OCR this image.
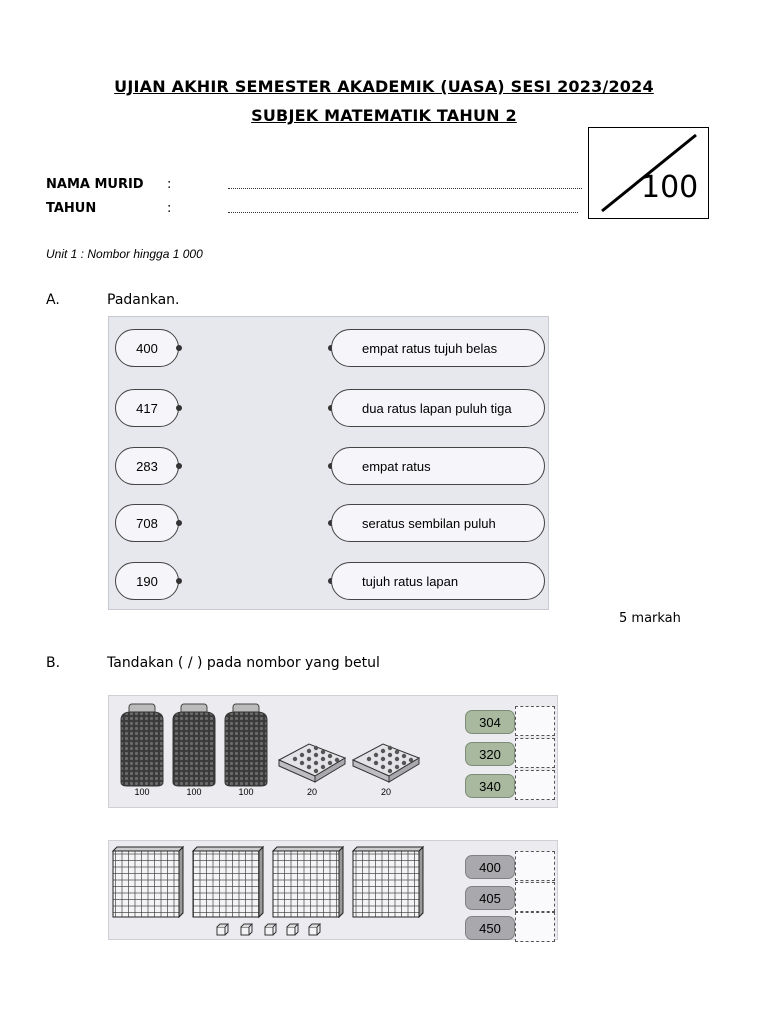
UJIAN AKHIR SEMESTER AKADEMIK (UASA) SESI 2023/2024
SUBJEK MATEMATIK TAHUN 2
NAMA MURID :
TAHUN	:
100
Unit 1 : Nombor hingga 1 000
A.	Padankan.
400	empat ratus tujuh belas
417	dua ratus lapan puluh tiga
283	empat ratus
708	seratus sembilan puluh
190	tujuh ratus lapan
5 markah
B.	Tandakan ( / ) pada nombor yang betul
100	100	100	20	20
304
320
340
400
405
450
